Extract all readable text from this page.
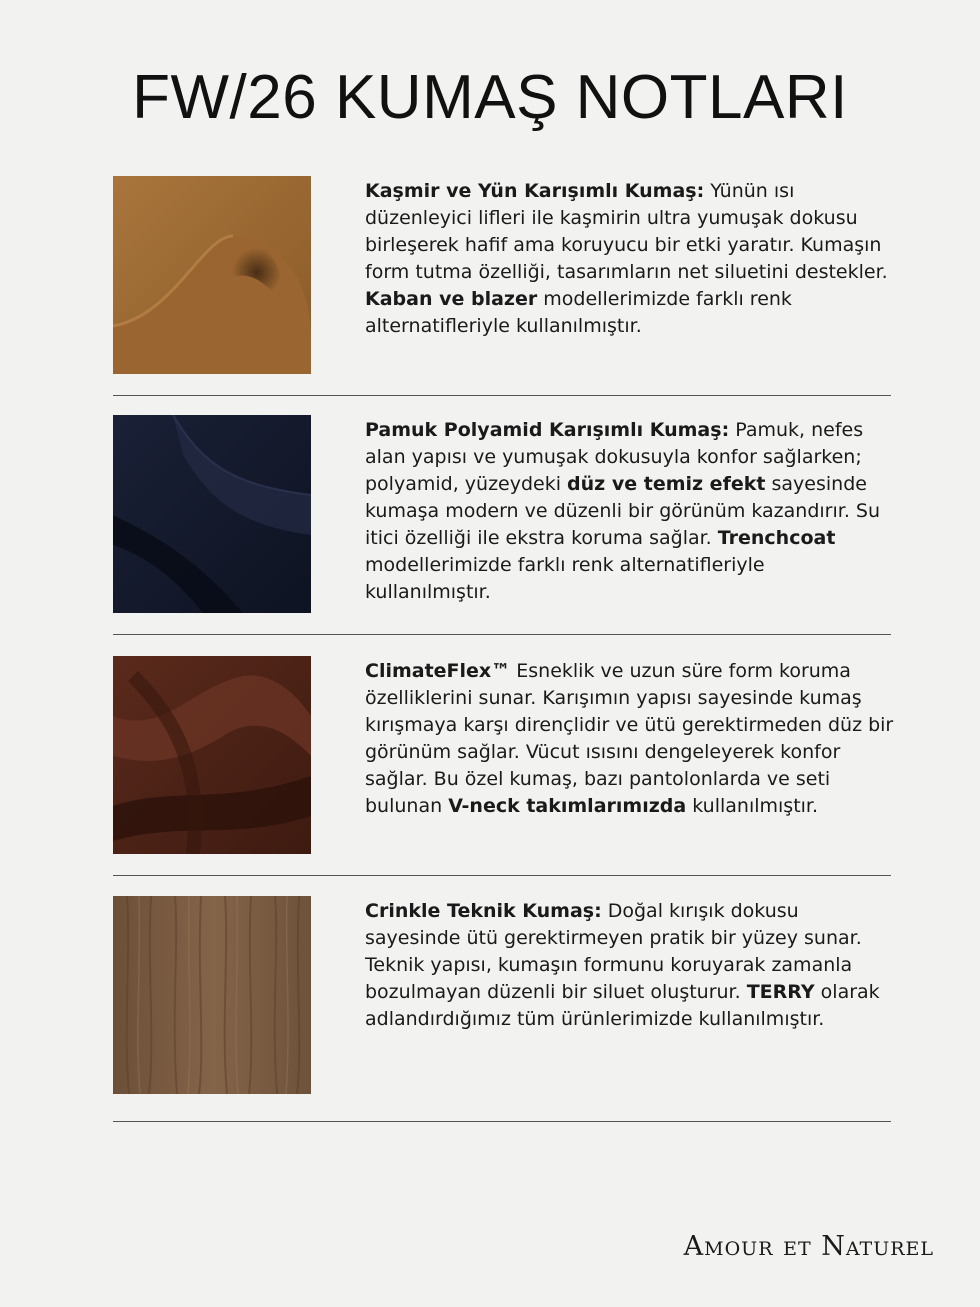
FW/26 KUMAŞ NOTLARI

Kaşmir ve Yün Karışımlı Kumaş: Yünün ısı düzenleyici lifleri ile kaşmirin ultra yumuşak dokusu birleşerek hafif ama koruyucu bir etki yaratır. Kumaşın form tutma özelliği, tasarımların net siluetini destekler. Kaban ve blazer modellerimizde farklı renk alternatifleriyle kullanılmıştır.

Pamuk Polyamid Karışımlı Kumaş: Pamuk, nefes alan yapısı ve yumuşak dokusuyla konfor sağlarken; polyamid, yüzeydeki düz ve temiz efekt sayesinde kumaşa modern ve düzenli bir görünüm kazandırır. Su itici özelliği ile ekstra koruma sağlar. Trenchcoat modellerimizde farklı renk alternatifleriyle kullanılmıştır.

ClimateFlex™ Esneklik ve uzun süre form koruma özelliklerini sunar. Karışımın yapısı sayesinde kumaş kırışmaya karşı dirençlidir ve ütü gerektirmeden düz bir görünüm sağlar. Vücut ısısını dengeleyerek konfor sağlar. Bu özel kumaş, bazı pantolonlarda ve seti bulunan V-neck takımlarımızda kullanılmıştır.

Crinkle Teknik Kumaş: Doğal kırışık dokusu sayesinde ütü gerektirmeyen pratik bir yüzey sunar. Teknik yapısı, kumaşın formunu koruyarak zamanla bozulmayan düzenli bir siluet oluşturur. TERRY olarak adlandırdığımız tüm ürünlerimizde kullanılmıştır.

Amour et Naturel
